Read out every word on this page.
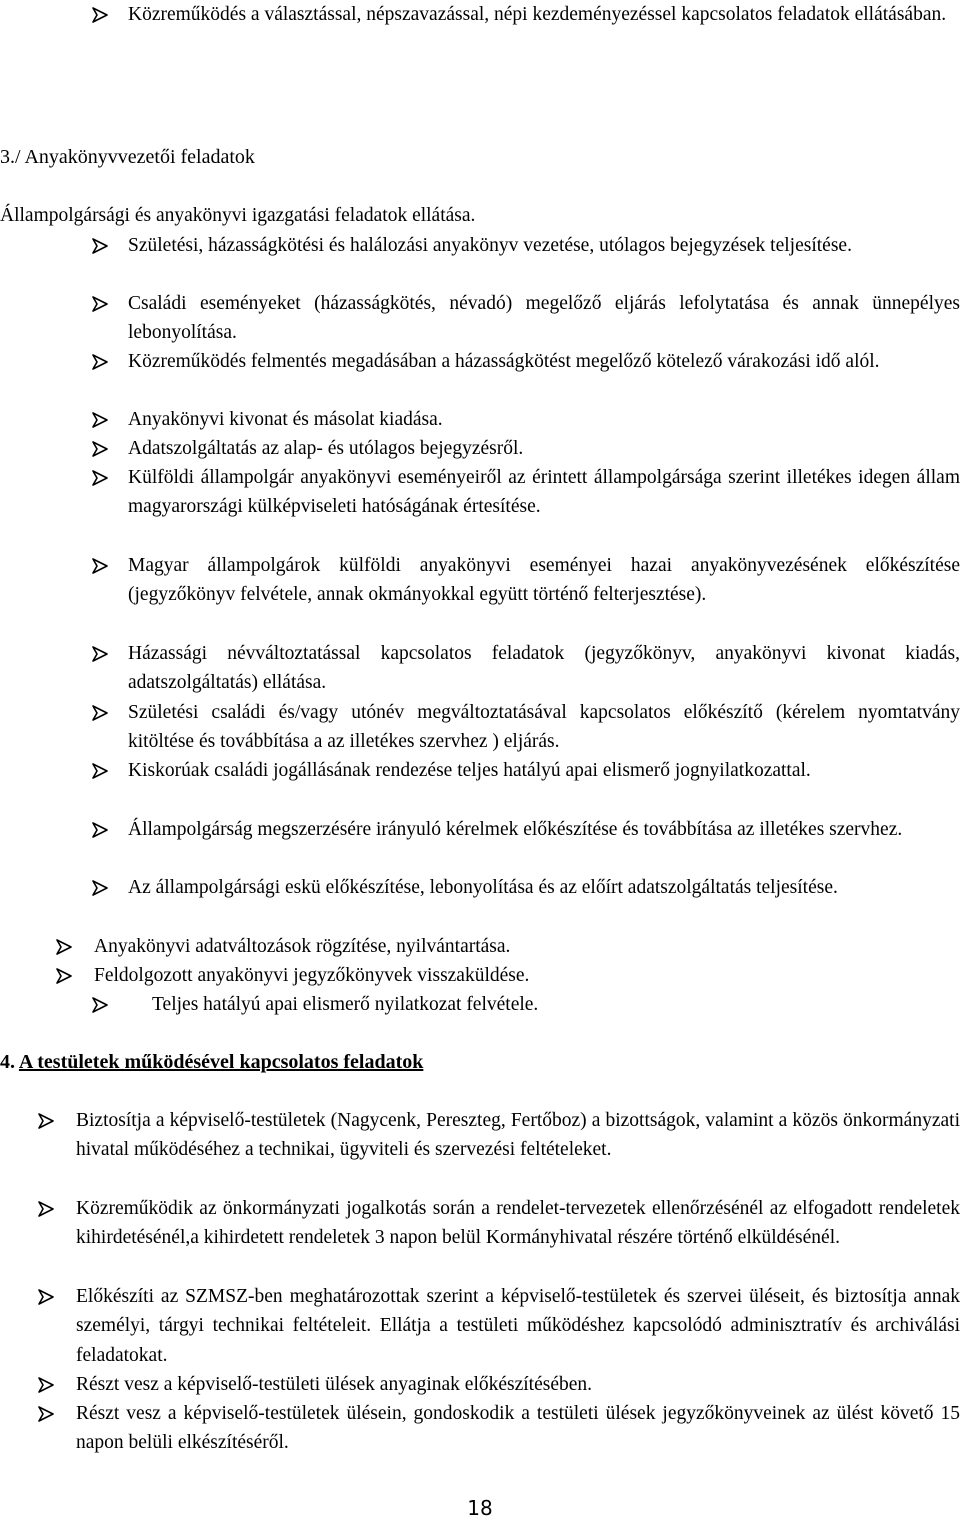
Közreműködés a választással, népszavazással, népi kezdeményezéssel kapcsolatos feladatok ellátásában.
3./ Anyakönyvvezetői feladatok
Állampolgársági és anyakönyvi igazgatási feladatok ellátása.
Születési, házasságkötési és halálozási anyakönyv vezetése, utólagos bejegyzések teljesítése.
Családi eseményeket (házasságkötés, névadó) megelőző eljárás lefolytatása és annak ünnepélyes lebonyolítása.
Közreműködés felmentés megadásában a házasságkötést megelőző kötelező várakozási idő alól.
Anyakönyvi kivonat és másolat kiadása.
Adatszolgáltatás az alap- és utólagos bejegyzésről.
Külföldi állampolgár anyakönyvi eseményeiről az érintett állampolgársága szerint illetékes idegen állam magyarországi külképviseleti hatóságának értesítése.
Magyar állampolgárok külföldi anyakönyvi eseményei hazai anyakönyvezésének előkészítése (jegyzőkönyv felvétele, annak okmányokkal együtt történő felterjesztése).
Házassági névváltoztatással kapcsolatos feladatok (jegyzőkönyv, anyakönyvi kivonat kiadás, adatszolgáltatás) ellátása.
Születési családi és/vagy utónév megváltoztatásával kapcsolatos előkészítő (kérelem nyomtatvány kitöltése és továbbítása a az illetékes szervhez ) eljárás.
Kiskorúak családi jogállásának rendezése teljes hatályú apai elismerő jognyilatkozattal.
Állampolgárság megszerzésére irányuló kérelmek előkészítése és továbbítása az illetékes szervhez.
Az állampolgársági eskü előkészítése, lebonyolítása és az előírt adatszolgáltatás teljesítése.
Anyakönyvi adatváltozások rögzítése, nyilvántartása.
Feldolgozott anyakönyvi jegyzőkönyvek visszaküldése.
Teljes hatályú apai elismerő nyilatkozat felvétele.
4. A testületek működésével kapcsolatos feladatok
Biztosítja a képviselő-testületek (Nagycenk, Pereszteg, Fertőboz) a bizottságok, valamint a közös önkormányzati hivatal működéséhez a technikai, ügyviteli és szervezési feltételeket.
Közreműködik az önkormányzati jogalkotás során a rendelet-tervezetek ellenőrzésénél az elfogadott rendeletek kihirdetésénél,a kihirdetett rendeletek 3 napon belül Kormányhivatal részére történő elküldésénél.
Előkészíti az SZMSZ-ben meghatározottak szerint a képviselő-testületek és szervei üléseit, és biztosítja annak személyi, tárgyi technikai feltételeit. Ellátja a testületi működéshez kapcsolódó adminisztratív és archiválási feladatokat.
Részt vesz a képviselő-testületi ülések anyaginak előkészítésében.
Részt vesz a képviselő-testületek ülésein, gondoskodik a testületi ülések jegyzőkönyveinek az ülést követő 15 napon belüli elkészítéséről.
18
